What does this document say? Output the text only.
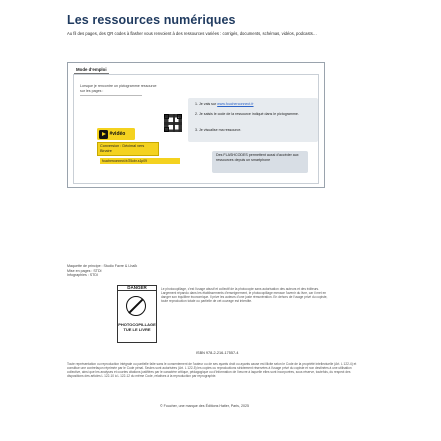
Les ressources numériques
Au fil des pages, des QR codes à flasher vous renvoient à des ressources variées : corrigés, documents, schémas, vidéos, podcasts…
Mode d'emploi
Lorsque je rencontre un pictogramme ressource
sur les pages :
1. Je vais sur www.foucherconnect.fr
2. Je saisis le code de la ressource indiqué dans le pictogramme.
3. Je visualise ma ressource.
#vidéo
Conversion : Décimal vers Binaire
foucherconnect.fr/25obr-s1p09
Des FLASHCODES permettent aussi d'accéder aux ressources depuis un smartphone
Maquette de principe : Studio Favre & Lhaïk
Mise en pages : STDI
Infographies : STDI
DANGER
PHOTOCOPILLAGE TUE LE LIVRE
Le photocopillage, c'est l'usage abusif et collectif de la photocopie sans autorisation des auteurs et des éditeurs. Largement répandu dans les établissements d'enseignement, le photocopillage menace l'avenir du livre, car il met en danger son équilibre économique. Il prive les auteurs d'une juste rémunération. En dehors de l'usage privé du copiste, toute reproduction totale ou partielle de cet ouvrage est interdite.
ISBN 978-2-216-17557-4
Toute représentation ou reproduction intégrale ou partielle faite sans le consentement de l'auteur ou de ses ayants droit ou ayants cause est illicite selon le Code de la propriété intellectuelle (Art. L 122-4) et constitue une contrefaçon réprimée par le Code pénal. Seules sont autorisées (Art. L 122-5) les copies ou reproductions strictement réservées à l'usage privé du copiste et non destinées à une utilisation collective, ainsi que les analyses et courtes citations justifiées par le caractère critique, pédagogique ou d'information de l'œuvre à laquelle elles sont incorporées, sous réserve, toutefois, du respect des dispositions des articles L 122-10 à L 122-12 du même Code, relatives à la reproduction par reprographie.
© Foucher, une marque des Éditions Hatier, Paris, 2025
